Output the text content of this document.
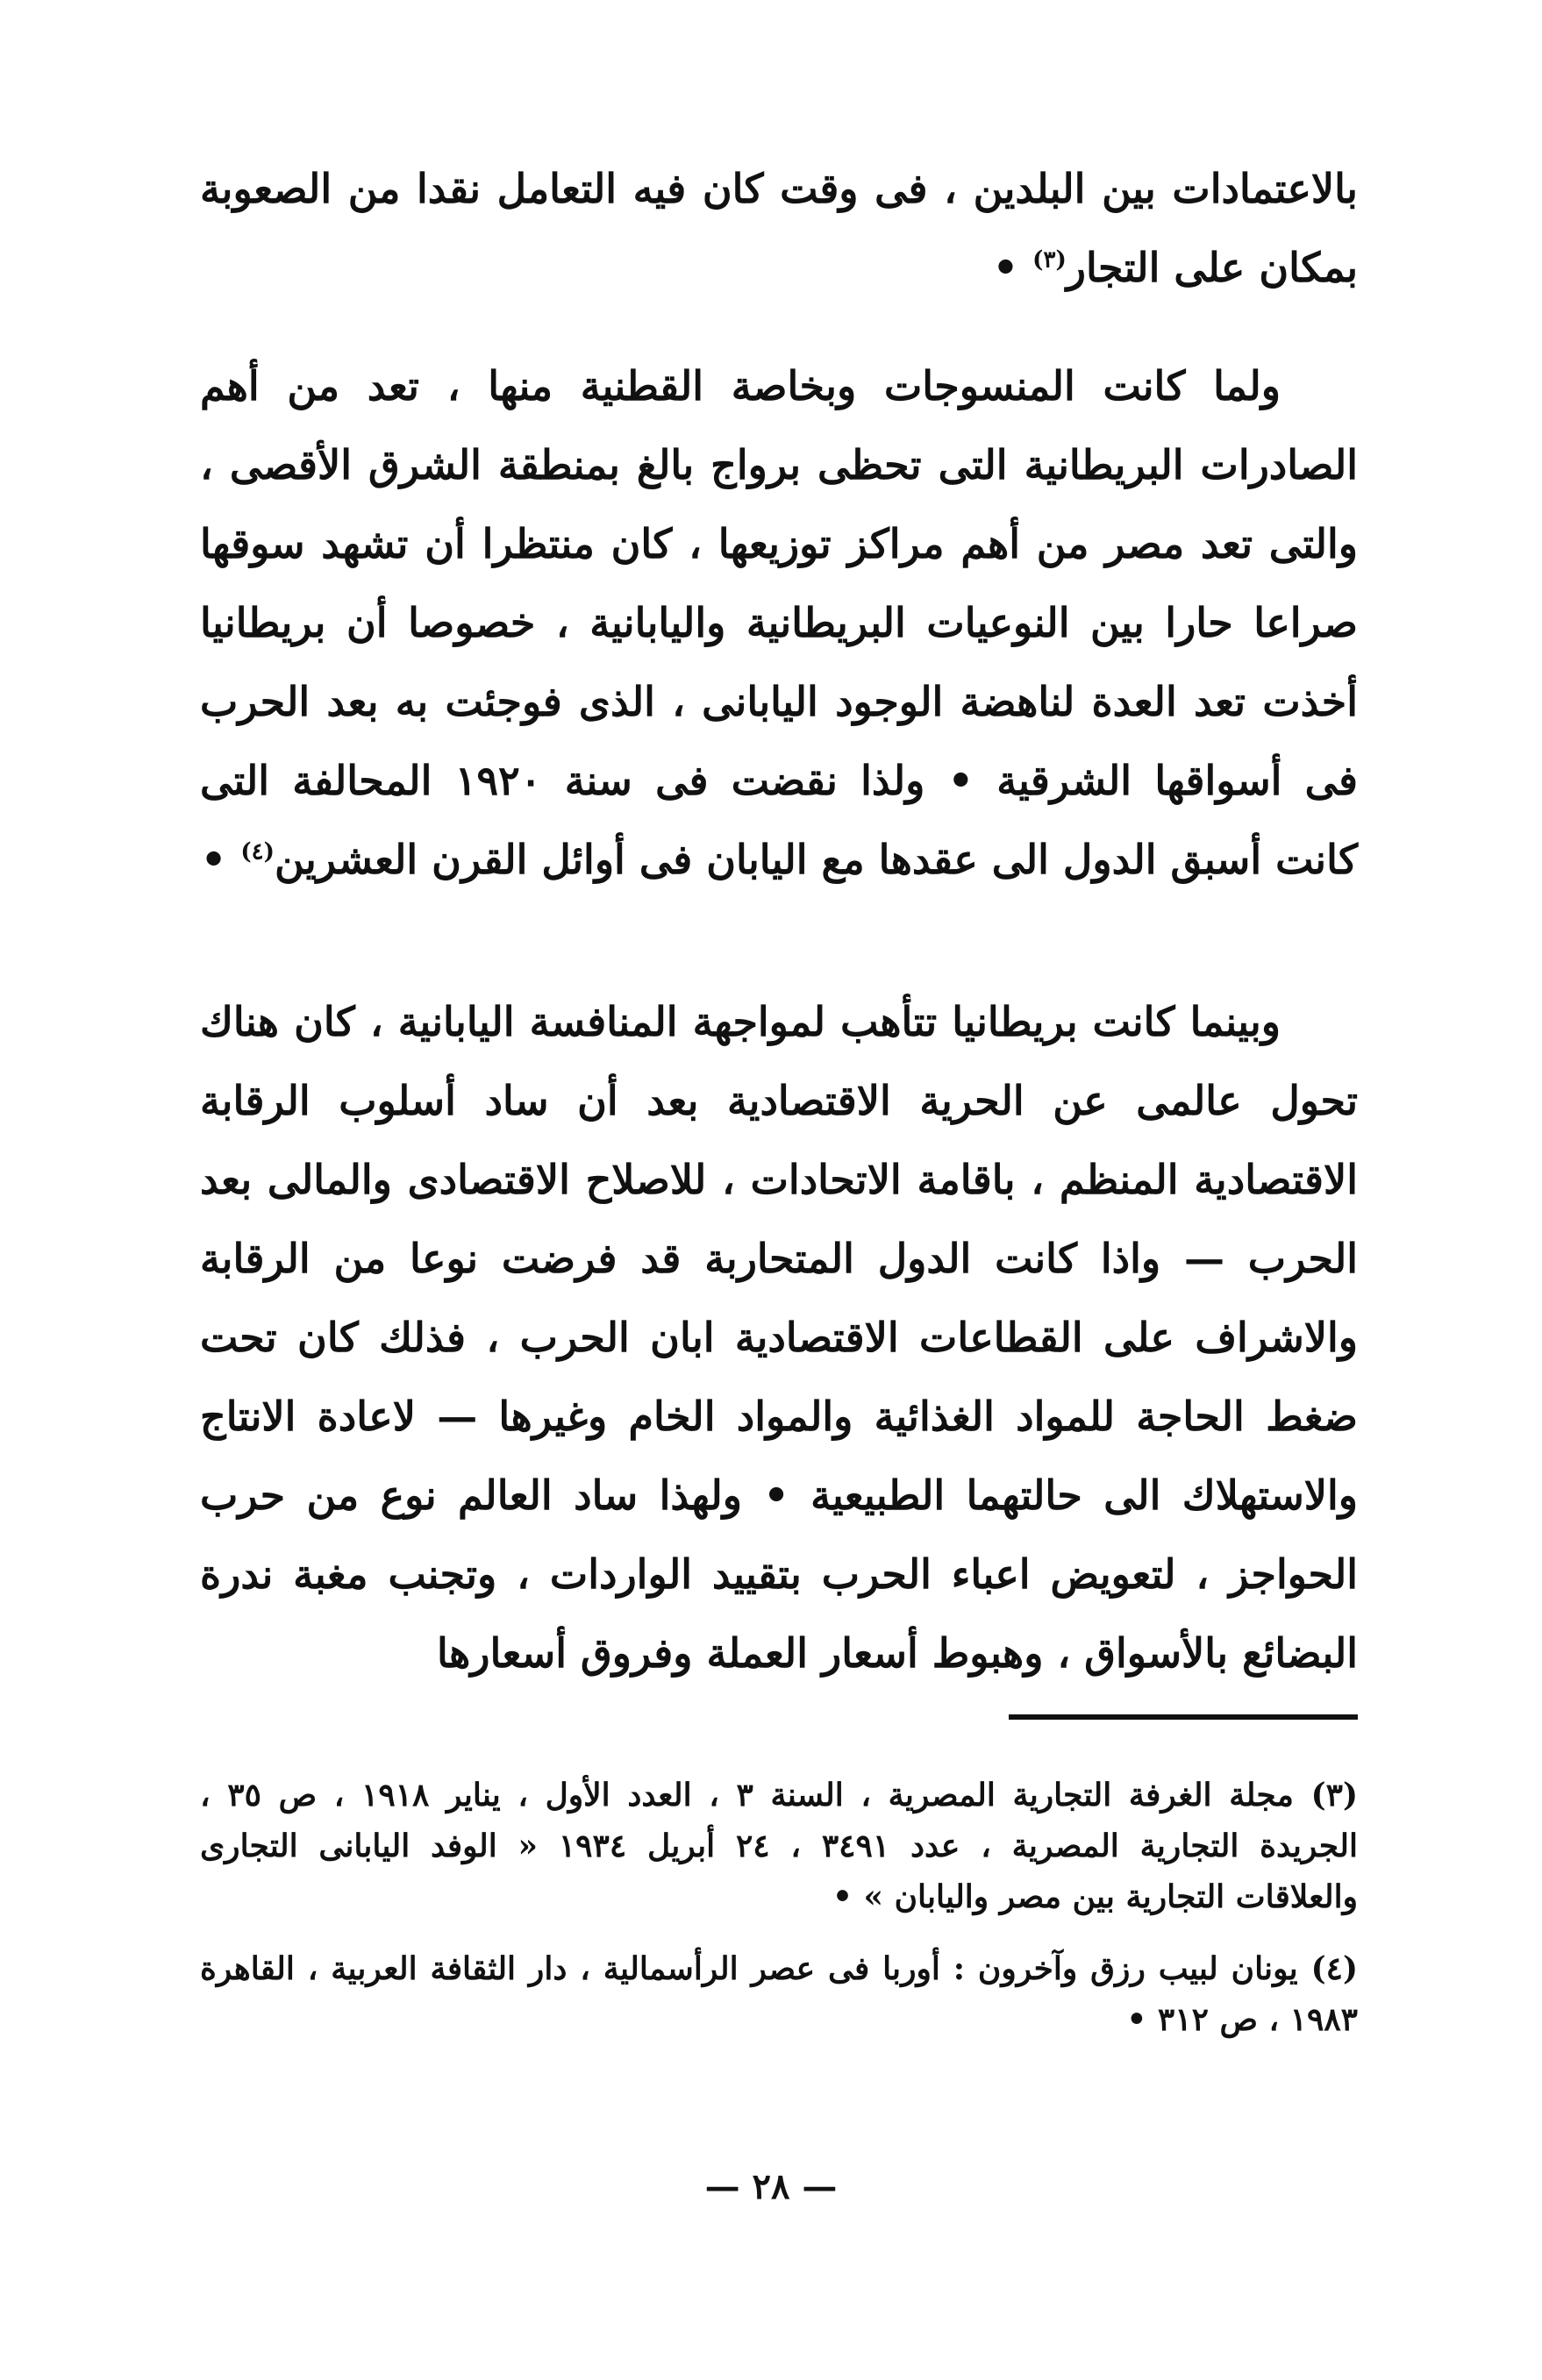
بالاعتمادات بين البلدين ، فى وقت كان فيه التعامل نقدا من الصعوبة بمكان على التجار$^{(٣)}$ •

ولما كانت المنسوجات وبخاصة القطنية منها ، تعد من أهم الصادرات البريطانية التى تحظى برواج بالغ بمنطقة الشرق الأقصى ، والتى تعد مصر من أهم مراكز توزيعها ، كان منتظرا أن تشهد سوقها صراعا حارا بين النوعيات البريطانية واليابانية ، خصوصا أن بريطانيا أخذت تعد العدة لناهضة الوجود اليابانى ، الذى فوجئت به بعد الحرب فى أسواقها الشرقية • ولذا نقضت فى سنة ١٩٢٠ المحالفة التى كانت أسبق الدول الى عقدها مع اليابان فى أوائل القرن العشرين$^{(٤)}$ •

وبينما كانت بريطانيا تتأهب لمواجهة المنافسة اليابانية ، كان هناك تحول عالمى عن الحرية الاقتصادية بعد أن ساد أسلوب الرقابة الاقتصادية المنظم ، باقامة الاتحادات ، للاصلاح الاقتصادى والمالى بعد الحرب — واذا كانت الدول المتحاربة قد فرضت نوعا من الرقابة والاشراف على القطاعات الاقتصادية ابان الحرب ، فذلك كان تحت ضغط الحاجة للمواد الغذائية والمواد الخام وغيرها — لاعادة الانتاج والاستهلاك الى حالتهما الطبيعية • ولهذا ساد العالم نوع من حرب الحواجز ، لتعويض اعباء الحرب بتقييد الواردات ، وتجنب مغبة ندرة البضائع بالأسواق ، وهبوط أسعار العملة وفروق أسعارها

(٣) مجلة الغرفة التجارية المصرية ، السنة ٣ ، العدد الأول ، يناير ١٩١٨ ، ص ٣٥ ، الجريدة التجارية المصرية ، عدد ٣٤٩١ ، ٢٤ أبريل ١٩٣٤ « الوفد اليابانى التجارى والعلاقات التجارية بين مصر واليابان » •

(٤) يونان لبيب رزق وآخرون : أوربا فى عصر الرأسمالية ، دار الثقافة العربية ، القاهرة ١٩٨٣ ، ص ٣١٢ •

— ٢٨ —
